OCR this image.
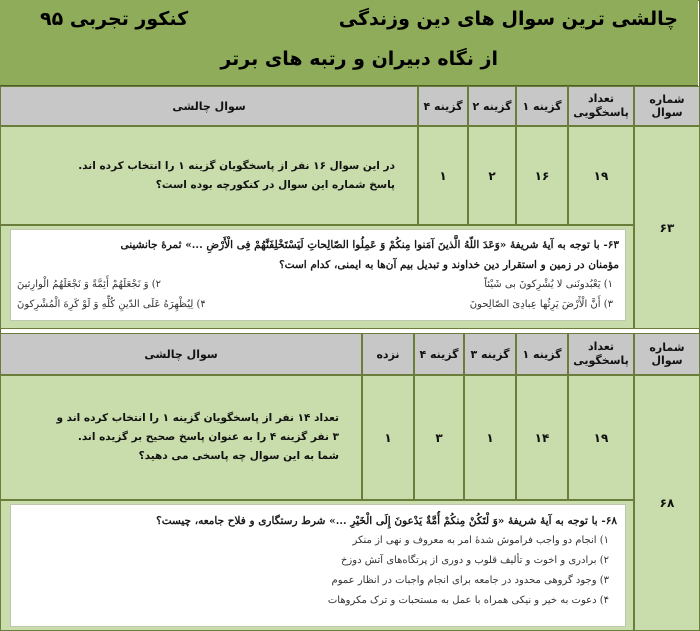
چالشی ترین سوال های دین وزندگی
کنکور تجربی ۹۵
از نگاه دبیران و رتبه های برتر
شماره سوال
تعداد پاسخگویی
گزینه ۱
گزینه ۲
گزینه ۴
سوال چالشی
۶۳
۱۹
۱۶
۲
۱
در این سوال ۱۶ نفر از پاسخگویان گزینه ۱ را انتخاب کرده اند.
پاسخ شماره این سوال در کنکورچه بوده است؟

۶۳- با توجه به آیهٔ شریفهٔ «وَعَدَ اللّهُ الَّذینَ آمَنوا مِنکُمْ وَ عَمِلُوا الصّالِحاتِ لَیَسْتَخْلِفَنَّهُمْ فِی الْأَرْضِ ...» ثمرهٔ جانشینی

مؤمنان در زمین و استقرار دین خداوند و تبدیل بیم آن‌ها به ایمنی، کدام است؟

۱) یَعْبُدونَنی لا یُشْرِکونَ بی شَیْئاً
۲) وَ نَجْعَلَهُمْ أَئِمَّةً وَ نَجْعَلَهُمُ الْوارِثینَ
۳) أَنَّ الْأَرْضَ یَرِثُها عِبادِیَ الصّالِحونَ
۴) لِیُظْهِرَهُ عَلَی الدّینِ کُلِّهِ وَ لَوْ کَرِهَ الْمُشْرِکونَ
شماره سوال
تعداد پاسخگویی
گزینه ۱
گزینه ۳
گزینه ۴
نزده
سوال چالشی
۶۸
۱۹
۱۴
۱
۳
۱
تعداد ۱۴ نفر از پاسخگویان گزینه ۱ را انتخاب کرده اند و
۳ نفر گزینه ۴ را به عنوان پاسخ صحیح بر گزیده اند.
شما به این سوال چه پاسخی می دهید؟

۶۸- با توجه به آیهٔ شریفهٔ «وَ لْتَکُنْ مِنکُمْ أُمَّةٌ یَدْعونَ إِلَی الْخَیْرِ ...» شرط رستگاری و فلاح جامعه، چیست؟

۱) انجام دو واجب فراموش شدهٔ امر به معروف و نهی از منکر

۲) برادری و اخوت و تألیف قلوب و دوری از پرتگاه‌های آتش دوزخ

۳) وجود گروهی محدود در جامعه برای انجام واجبات در انظار عموم

۴) دعوت به خیر و نیکی همراه با عمل به مستحبات و ترک مکروهات
